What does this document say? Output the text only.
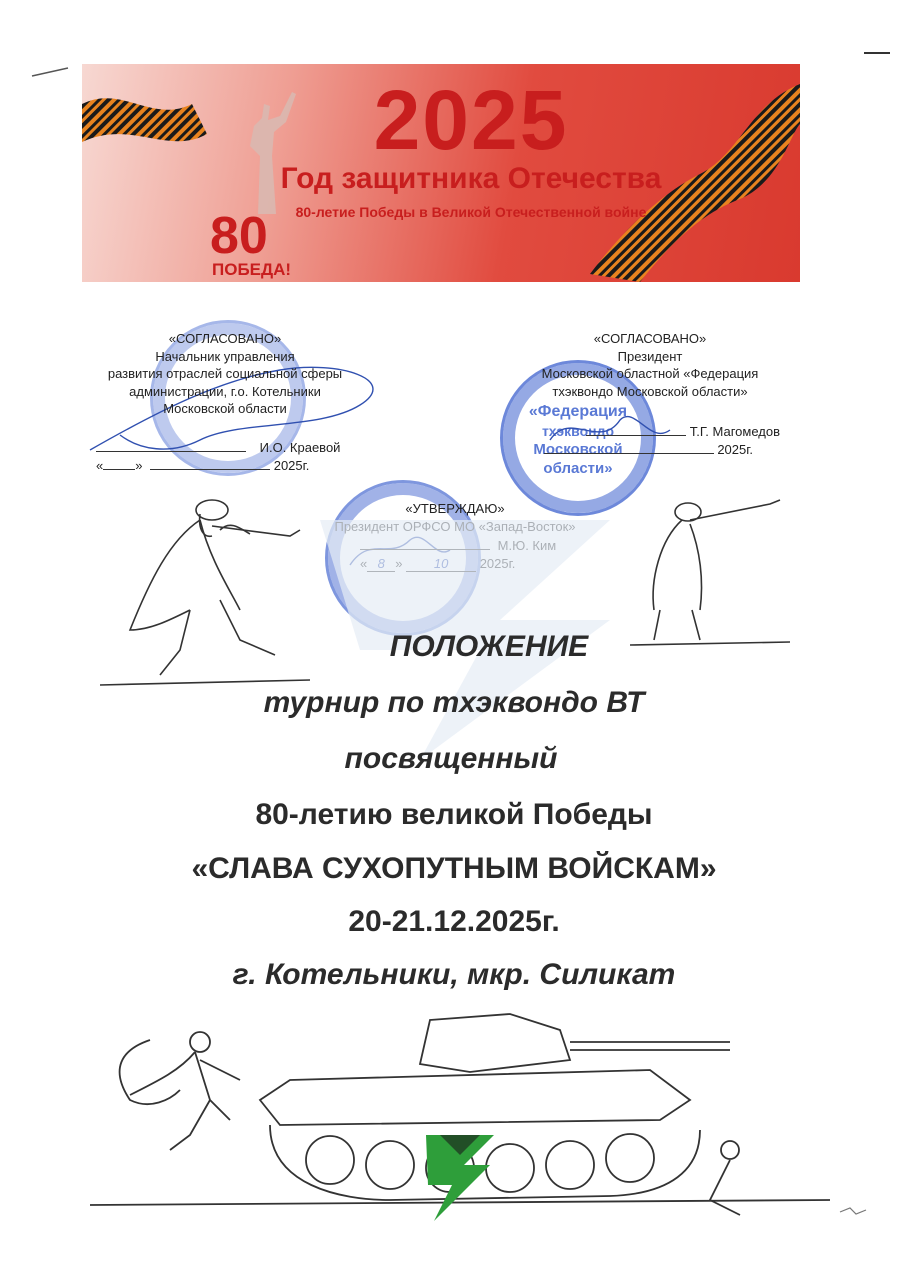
80
ПОБЕДА!
2025
Год защитника Отечества
80-летие Победы в Великой Отечественной войне
«Федерация
тхэквондо
Московской
области»
«СОГЛАСОВАНО»
Начальник управления
развития отраслей социальной сферы
администрации, г.о. Котельники
Московской области
И.О. Краевой
« »	2025г.
«СОГЛАСОВАНО»
Президент
Московской областной «Федерация
тхэквондо Московской области»
Т.Г. Магомедов
2025г.
«УТВЕРЖДАЮ»
ПОЛОЖЕНИЕ
турнир по тхэквондо ВТ
посвященный
80-летию великой Победы
«СЛАВА СУХОПУТНЫМ ВОЙСКАМ»
20-21.12.2025г.
г. Котельники, мкр. Силикат
